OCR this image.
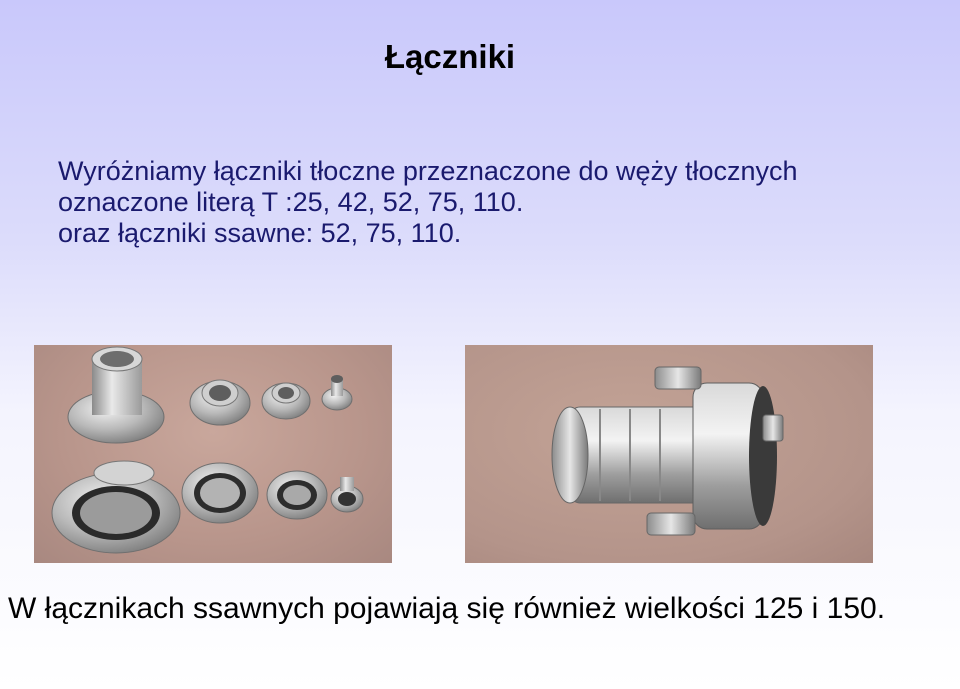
Łączniki
Wyróżniamy łączniki tłoczne przeznaczone do węży tłocznych
oznaczone literą T :25, 42, 52, 75, 110.
oraz łączniki ssawne: 52, 75, 110.
W łącznikach ssawnych pojawiają się również wielkości 125 i 150.
